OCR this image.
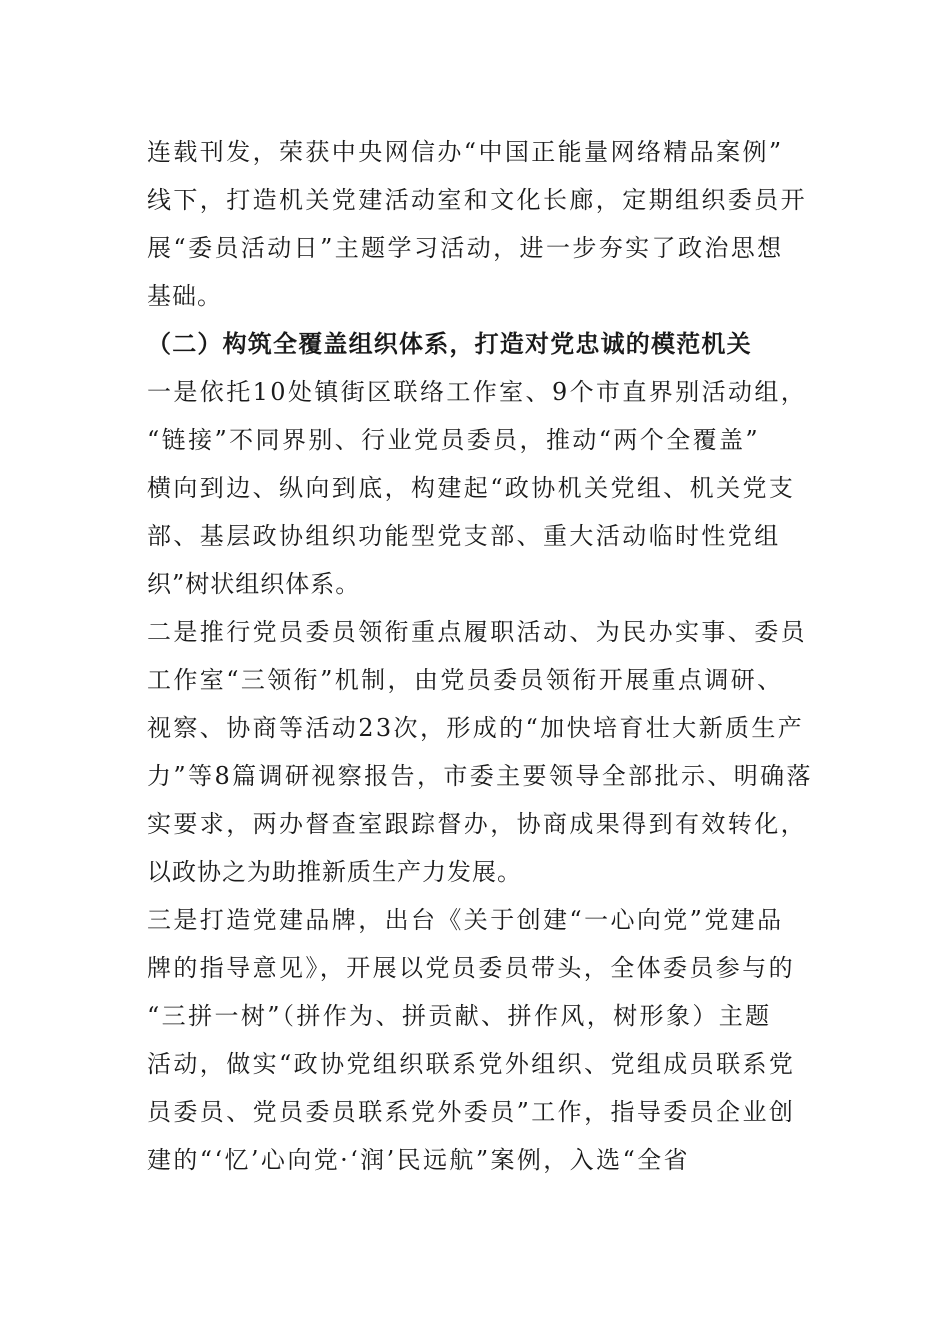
连载刊发，荣获中央网信办“中国正能量网络精品案例”
线下，打造机关党建活动室和文化长廊，定期组织委员开
展“委员活动日”主题学习活动，进一步夯实了政治思想
基础。
（二）构筑全覆盖组织体系，打造对党忠诚的模范机关
一是依托10处镇街区联络工作室、9个市直界别活动组，
“链接”不同界别、行业党员委员，推动“两个全覆盖”
横向到边、纵向到底，构建起“政协机关党组、机关党支
部、基层政协组织功能型党支部、重大活动临时性党组
织”树状组织体系。
二是推行党员委员领衔重点履职活动、为民办实事、委员
工作室“三领衔”机制，由党员委员领衔开展重点调研、
视察、协商等活动23次，形成的“加快培育壮大新质生产
力”等8篇调研视察报告，市委主要领导全部批示、明确落
实要求，两办督查室跟踪督办，协商成果得到有效转化，
以政协之为助推新质生产力发展。
三是打造党建品牌，出台《关于创建“一心向党”党建品
牌的指导意见》，开展以党员委员带头，全体委员参与的
“三拼一树”（拼作为、拼贡献、拼作风，树形象）主题
活动，做实“政协党组织联系党外组织、党组成员联系党
员委员、党员委员联系党外委员”工作，指导委员企业创
建的“‘忆’心向党·‘润’民远航”案例，入选“全省
